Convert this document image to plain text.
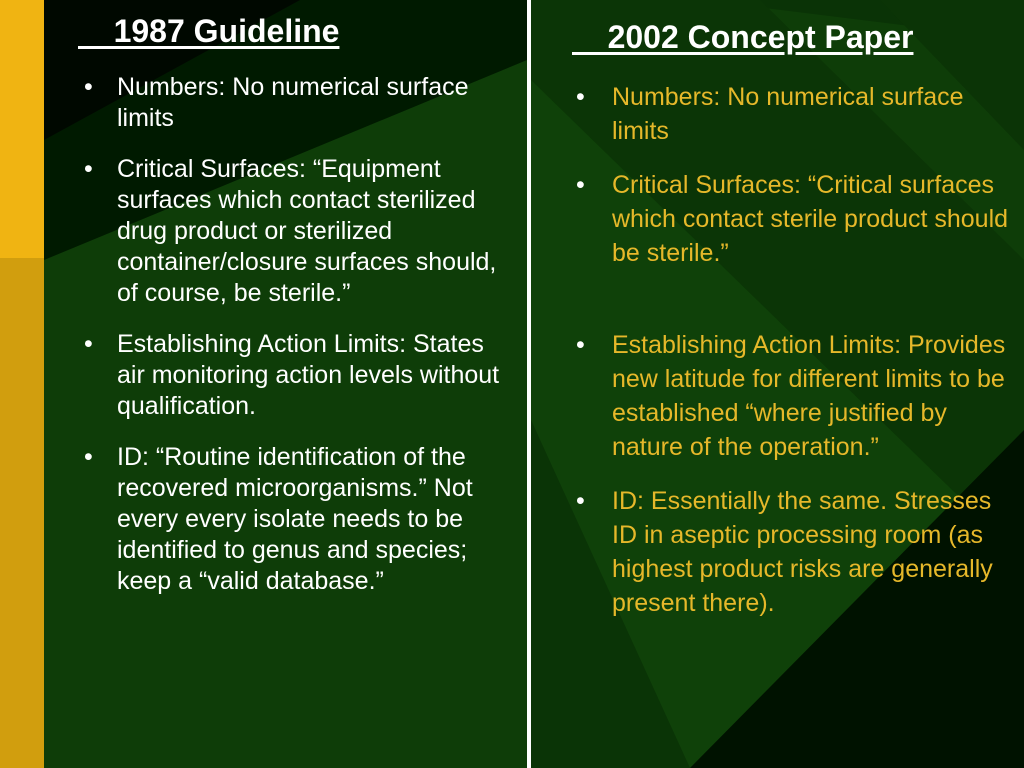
1987 Guideline
• Numbers: No numerical surface limits
• Critical Surfaces: “Equipment surfaces which contact sterilized drug product or sterilized container/closure surfaces should, of course, be sterile.”
• Establishing Action Limits: States air monitoring action levels without qualification.
• ID: “Routine identification of the recovered microorganisms.” Not every every isolate needs to be identified to genus and species; keep a “valid database.”
2002 Concept Paper
• Numbers: No numerical surface limits
• Critical Surfaces: “Critical surfaces which contact sterile product should be sterile.”
• Establishing Action Limits: Provides new latitude for different limits to be established “where justified by nature of the operation.”
• ID: Essentially the same. Stresses ID in aseptic processing room (as highest product risks are generally present there).
